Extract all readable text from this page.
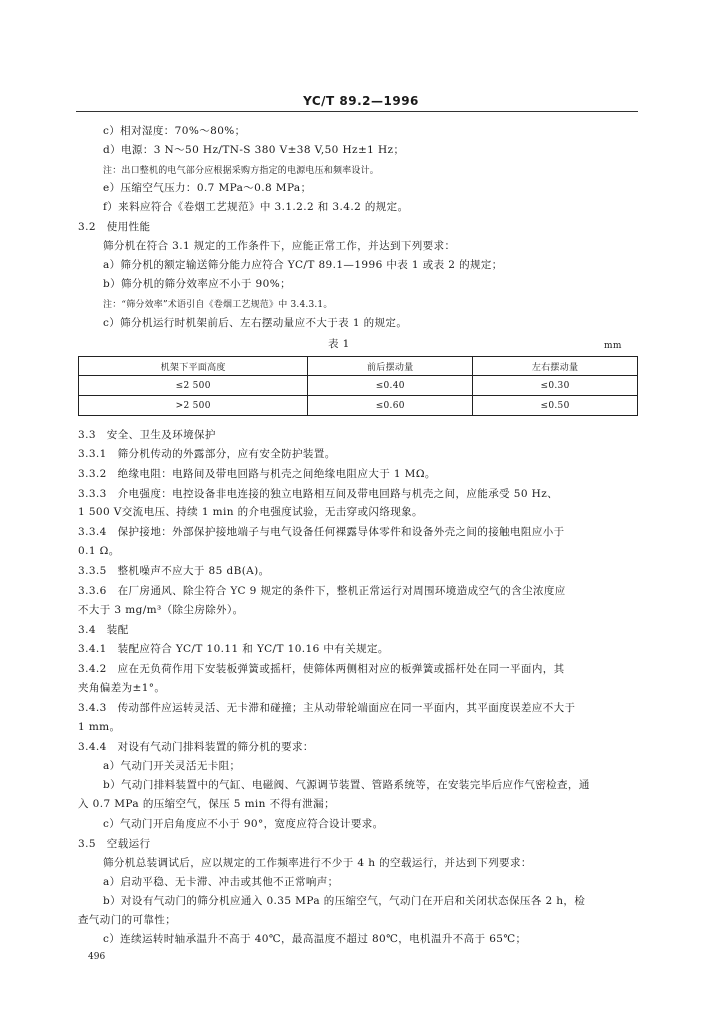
YC/T 89.2—1996
c）相对湿度：70%～80%；
d）电源：3 N～50 Hz/TN-S 380 V±38 V,50 Hz±1 Hz；
注：出口整机的电气部分应根据采购方指定的电源电压和频率设计。
e）压缩空气压力：0.7 MPa～0.8 MPa；
f）来料应符合《卷烟工艺规范》中 3.1.2.2 和 3.4.2 的规定。
3.2　使用性能
筛分机在符合 3.1 规定的工作条件下，应能正常工作，并达到下列要求：
a）筛分机的额定输送筛分能力应符合 YC/T 89.1—1996 中表 1 或表 2 的规定；
b）筛分机的筛分效率应不小于 90%；
注：“筛分效率”术语引自《卷烟工艺规范》中 3.4.3.1。
c）筛分机运行时机架前后、左右摆动量应不大于表 1 的规定。
表 1	mm
机架下平面高度	前后摆动量	左右摆动量
≤2 500	≤0.40	≤0.30
>2 500	≤0.60	≤0.50
3.3　安全、卫生及环境保护
3.3.1　筛分机传动的外露部分，应有安全防护装置。
3.3.2　绝缘电阻：电路间及带电回路与机壳之间绝缘电阻应大于 1 MΩ。
3.3.3　介电强度：电控设备非电连接的独立电路相互间及带电回路与机壳之间，应能承受 50 Hz、
1 500 V交流电压、持续 1 min 的介电强度试验，无击穿或闪络现象。
3.3.4　保护接地：外部保护接地端子与电气设备任何裸露导体零件和设备外壳之间的接触电阻应小于
0.1 Ω。
3.3.5　整机噪声不应大于 85 dB(A)。
3.3.6　在厂房通风、除尘符合 YC 9 规定的条件下，整机正常运行对周围环境造成空气的含尘浓度应
不大于 3 mg/m³（除尘房除外）。
3.4　装配
3.4.1　装配应符合 YC/T 10.11 和 YC/T 10.16 中有关规定。
3.4.2　应在无负荷作用下安装板弹簧或摇杆，使筛体两侧相对应的板弹簧或摇杆处在同一平面内，其
夹角偏差为±1°。
3.4.3　传动部件应运转灵活、无卡滞和碰撞；主从动带轮端面应在同一平面内，其平面度误差应不大于
1 mm。
3.4.4　对设有气动门排料装置的筛分机的要求：
a）气动门开关灵活无卡阻；
b）气动门排料装置中的气缸、电磁阀、气源调节装置、管路系统等，在安装完毕后应作气密检查，通
入 0.7 MPa 的压缩空气，保压 5 min 不得有泄漏；
c）气动门开启角度应不小于 90°，宽度应符合设计要求。
3.5　空载运行
筛分机总装调试后，应以规定的工作频率进行不少于 4 h 的空载运行，并达到下列要求：
a）启动平稳、无卡滞、冲击或其他不正常响声；
b）对设有气动门的筛分机应通入 0.35 MPa 的压缩空气，气动门在开启和关闭状态保压各 2 h，检
查气动门的可靠性；
c）连续运转时轴承温升不高于 40℃，最高温度不超过 80℃，电机温升不高于 65℃；
496
